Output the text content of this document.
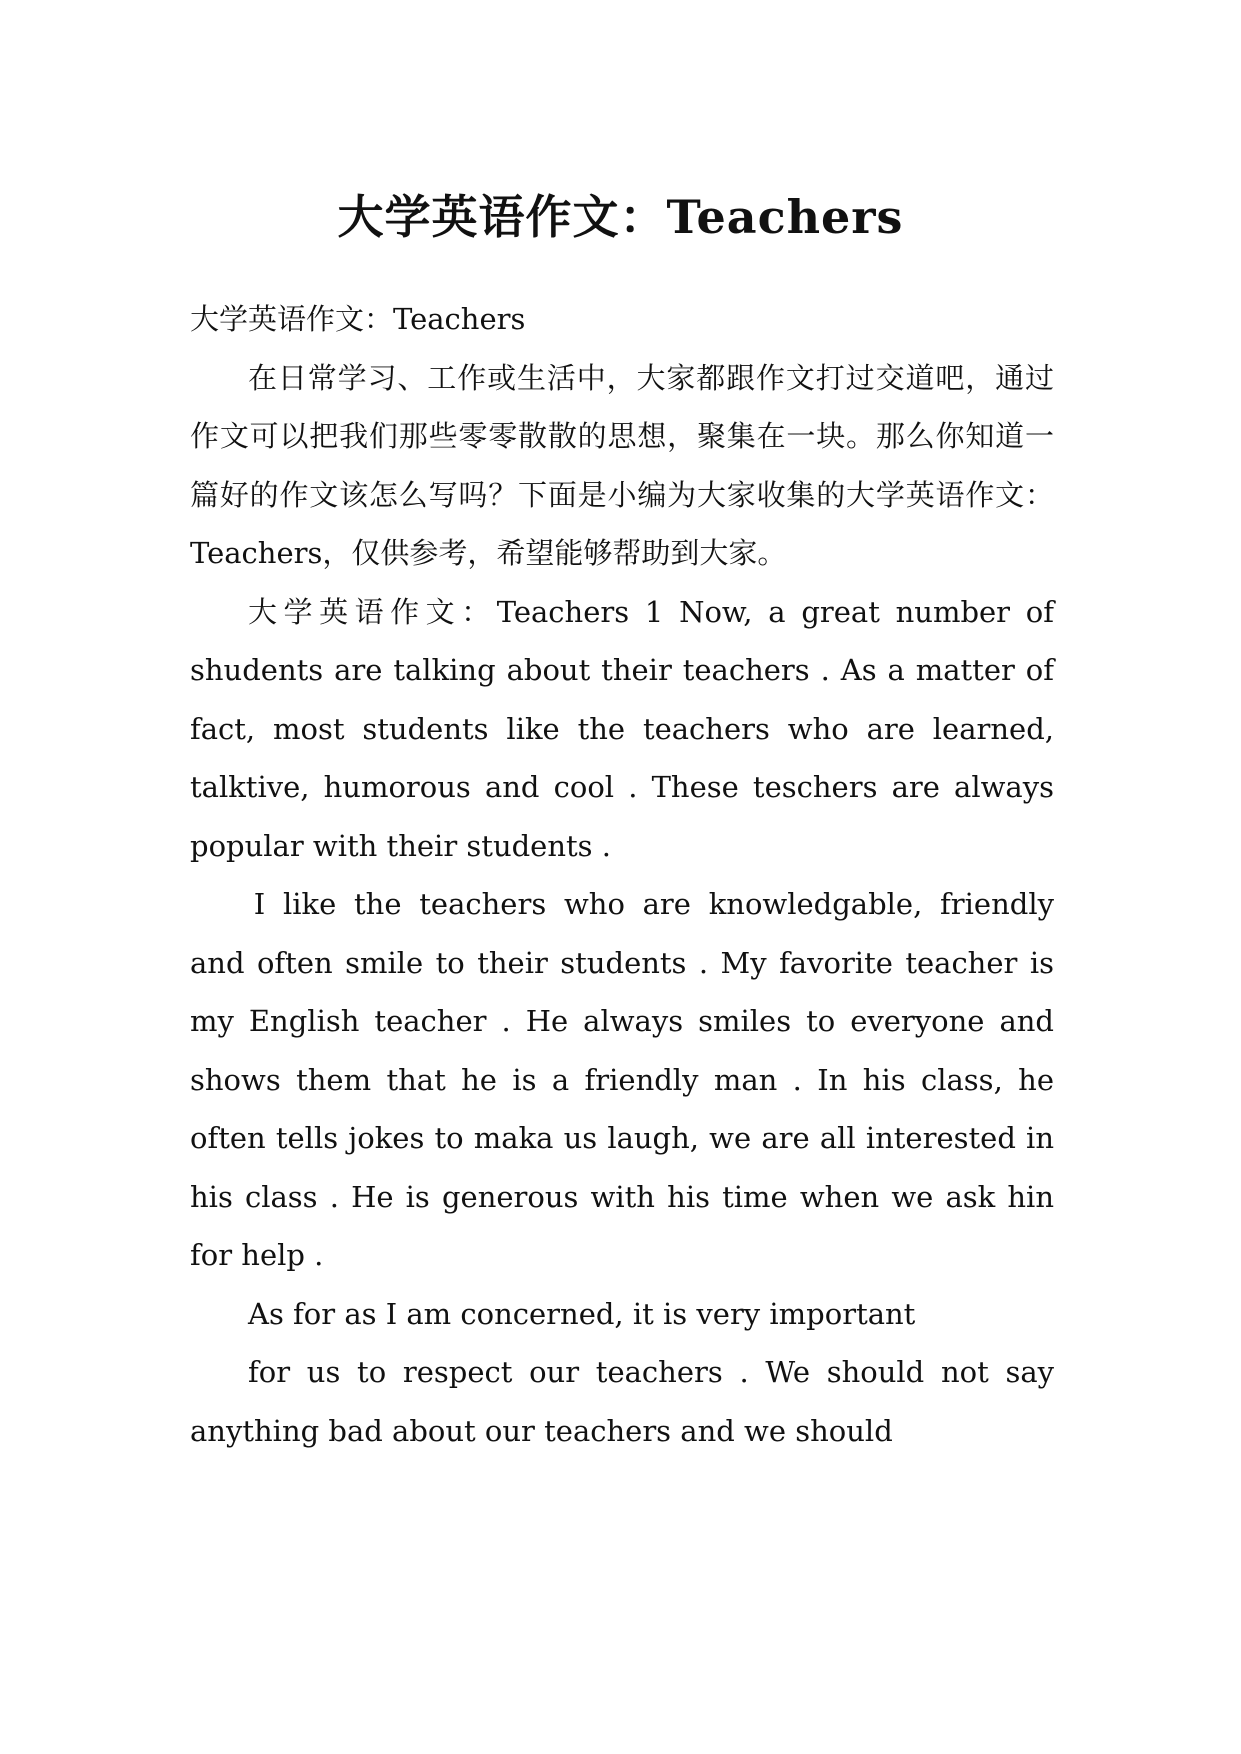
大学英语作文：Teachers

大学英语作文：Teachers

在日常学习、工作或生活中，大家都跟作文打过交道吧，通过作文可以把我们那些零零散散的思想，聚集在一块。那么你知道一篇好的作文该怎么写吗？下面是小编为大家收集的大学英语作文：Teachers，仅供参考，希望能够帮助到大家。

大学英语作文：Teachers 1 Now, a great number of shudents are talking about their teachers . As a matter of fact, most students like the teachers who are learned, talktive, humorous and cool . These teschers are always popular with their students .

I like the teachers who are knowledgable, friendly and often smile to their students . My favorite teacher is my English teacher . He always smiles to everyone and shows them that he is a friendly man . In his class, he often tells jokes to maka us laugh, we are all interested in his class . He is generous with his time when we ask hin for help .

As for as I am concerned, it is very important

for us to respect our teachers . We should not say anything bad about our teachers and we should
